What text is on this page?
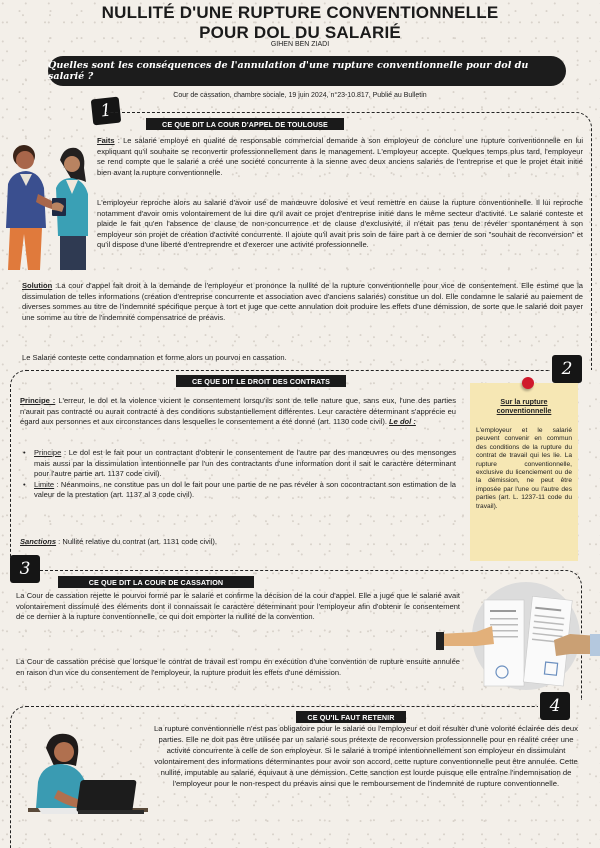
NULLITÉ D'UNE RUPTURE CONVENTIONNELLE
POUR DOL DU SALARIÉ
GIHEN BEN ZIADI
Quelles sont les conséquences de l'annulation d'une rupture conventionnelle pour dol du salarié ?
Cour de cassation, chambre sociale, 19 juin 2024, n°23-10.817, Publié au Bulletin
1
CE QUE DIT LA COUR D'APPEL DE TOULOUSE
Faits : Le salarié employé en qualité de responsable commercial demande à son employeur de conclure une rupture conventionnelle en lui expliquant qu'il souhaite se reconvertir professionnellement dans le management. L'employeur accepte. Quelques temps plus tard, l'employeur se rend compte que le salarié a créé une société concurrente à la sienne avec deux anciens salariés de l'entreprise et que le projet était initié bien avant la rupture conventionnelle.
L'employeur reproche alors au salarié d'avoir usé de manœuvre dolosive et veut remettre en cause la rupture conventionnelle. Il lui reproche notamment d'avoir omis volontairement de lui dire qu'il avait ce projet d'entreprise initié dans le même secteur d'activité. Le salarié conteste et plaide le fait qu'en l'absence de clause de non-concurrence et de clause d'exclusivité, il n'était pas tenu de révéler spontanément à son employeur son projet de création d'activité concurrente. Il ajoute qu'il avait pris soin de faire part à ce dernier de son "souhait de reconversion" et qu'il dispose d'une liberté d'entreprendre et d'exercer une activité professionnelle.
Solution :La cour d'appel fait droit à la demande de l'employeur et prononce la nullité de la rupture conventionnelle pour vice de consentement. Elle estime que la dissimulation de telles informations (création d'entreprise concurrente et association avec d'anciens salariés) constitue un dol. Elle condamne le salarié au paiement de diverses sommes au titre de l'indemnité spécifique perçue à tort et juge que cette annulation doit produire les effets d'une démission, de sorte que le salarié doit payer une somme au titre de l'indemnité compensatrice de préavis.
Le Salarié conteste cette condamnation et forme alors un pourvoi en cassation.
2
CE QUE DIT LE DROIT DES CONTRATS
Principe : L'erreur, le dol et la violence vicient le consentement lorsqu'ils sont de telle nature que, sans eux, l'une des parties n'aurait pas contracté ou aurait contracté à des conditions substantiellement différentes. Leur caractère déterminant s'apprécie eu égard aux personnes et aux circonstances dans lesquelles le consentement a été donné (art. 1130 code civil). Le dol :
• Principe : Le dol est le fait pour un contractant d'obtenir le consentement de l'autre par des manœuvres ou des mensonges mais aussi par la dissimulation intentionnelle par l'un des contractants d'une information dont il sait le caractère déterminant pour l'autre partie art. 1137 code civil).
• Limite : Néanmoins, ne constitue pas un dol le fait pour une partie de ne pas révéler à son cocontractant son estimation de la valeur de la prestation (art. 1137 al 3 code civil).
Sanctions : Nullité relative du contrat (art. 1131 code civil).
Sur la rupture conventionnelle
L'employeur et le salarié peuvent convenir en commun des conditions de la rupture du contrat de travail qui les lie. La rupture conventionnelle, exclusive du licenciement ou de la démission, ne peut être imposée par l'une ou l'autre des parties (art. L. 1237-11 code du travail).
3
CE QUE DIT LA COUR DE CASSATION
La Cour de cassation rejette le pourvoi formé par le salarié et confirme la décision de la cour d'appel. Elle a jugé que le salarié avait volontairement dissimulé des éléments dont il connaissait le caractère déterminant pour l'employeur afin d'obtenir le consentement de ce dernier à la rupture conventionnelle, ce qui doit emporter la nullité de la convention.
La Cour de cassation précise que lorsque le contrat de travail est rompu en exécution d'une convention de rupture ensuite annulée en raison d'un vice du consentement de l'employeur, la rupture produit les effets d'une démission.
4
CE QU'IL FAUT RETENIR
La rupture conventionnelle n'est pas obligatoire pour le salarié ou l'employeur et doit résulter d'une volonté éclairée des deux parties. Elle ne doit pas être utilisée par un salarié sous prétexte de reconversion professionnelle pour en réalité créer une activité concurrente à celle de son employeur. Si le salarié a trompé intentionnellement son employeur en dissimulant volontairement des informations déterminantes pour avoir son accord, cette rupture conventionnelle peut être annulée. Cette nullité, imputable au salarié, équivaut à une démission. Cette sanction est lourde puisque elle entraîne l'indemnisation de l'employeur pour le non-respect du préavis ainsi que le remboursement de l'indemnité de rupture conventionnelle.
